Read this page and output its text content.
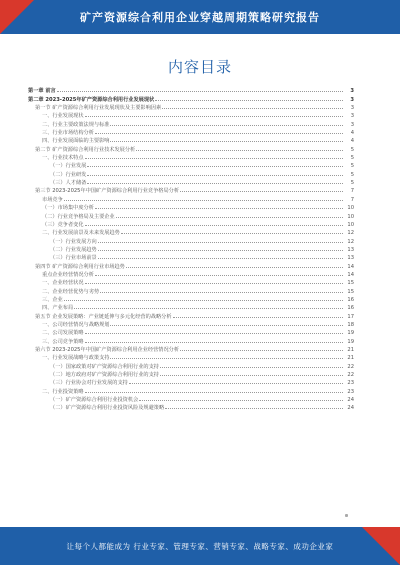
矿产资源综合利用企业穿越周期策略研究报告
内容目录
第一章 前言	3
第二章 2023-2025年矿产资源综合利用行业发展现状	3
第一节 矿产资源综合利用行业发展现状及主要影响因素	3
一、行业发展现状	3
二、行业主要政策法规与标准	3
三、行业市场结构分析	4
四、行业发展面临的主要影响	4
第二节 矿产资源综合利用行业技术发展分析	5
一、行业技术特点	5
（一）行业发展	5
（二）行业研发	5
（三）人才储备	5
第三节 2023-2025年中国矿产资源综合利用行业竞争格局分析	7
市场竞争	7
（一）市场集中度分析	10
（二）行业竞争格局及主要企业	10
（三）竞争者变化	10
二、行业发展前景及未来发展趋势	12
（一）行业发展方向	12
（二）行业发展趋势	13
（三）行业市场前景	13
第四节 矿产资源综合利用行业市场趋势	14
重点企业经营情况分析	14
一、企业经营状况	15
二、企业经营优势与劣势	15
三、企业	16
四、产业布局	16
第五节 企业发展策略：产业链延伸与多元化经营的战略分析	17
一、公司经营情况与战略规划	18
二、公司发展策略	19
三、公司竞争策略	19
第六节 2023-2025年中国矿产资源综合利用企业经营情况分析	21
一、行业发展战略与政策支持	21
（一）国家政策对矿产资源综合利用行业的支持	22
（二）地方政府对矿产资源综合利用行业的支持	22
（三）行业协会对行业发展的支持	23
二、行业投资策略	23
（一）矿产资源综合利用行业投资机会	24
（二）矿产资源综合利用行业投资风险及规避策略	24
让每个人都能成为 行业专家、管理专家、营销专家、战略专家、成功企业家
